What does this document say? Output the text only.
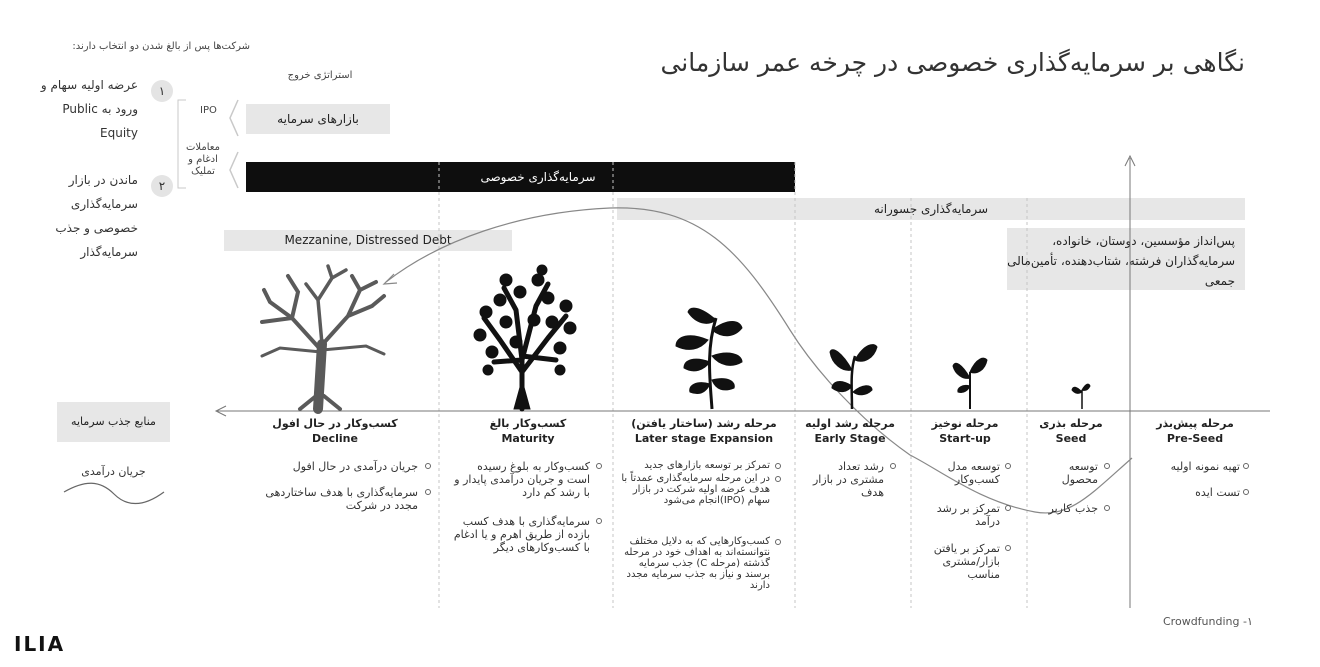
نگاهی بر سرمایه‌گذاری خصوصی در چرخه عمر سازمانی
شرکت‌ها پس از بالغ شدن دو انتخاب دارند:
استراتژی خروج
IPO
معاملات ادغام و تملیک
بازارهای سرمایه
۱
عرضه اولیه سهام و ورود به Public Equity
۲
ماندن در بازار سرمایه‌گذاری خصوصی و جذب سرمایه‌گذار
سرمایه‌گذاری خصوصی
سرمایه‌گذاری جسورانه
Mezzanine, Distressed Debt	پس‌انداز مؤسسین، دوستان، خانواده، سرمایه‌گذاران فرشته، شتاب‌دهنده، تأمین‌مالی جمعی
منابع جذب سرمایه
جریان درآمدی
مرحله پیش‌بذر
Pre-Seed
مرحله بذری
Seed
مرحله نوخیز
Start-up
مرحله رشد اولیه
Early Stage
مرحله رشد (ساختار یافتن)
Later stage Expansion
کسب‌وکار بالغ
Maturity
کسب‌وکار در حال افول
Decline
تهیه نمونه اولیه
تست ایده
توسعه محصول
جذب کاربر
توسعه مدل کسب‌وکار
تمرکز بر رشد درآمد
تمرکز بر یافتن بازار/مشتری مناسب
رشد تعداد مشتری در بازار هدف
تمرکز بر توسعه بازارهای جدید
در این مرحله سرمایه‌گذاری عمدتاً با هدف عرضه اولیه شرکت در بازار سهام (IPO)انجام می‌شود
کسب‌وکارهایی که به دلایل مختلف نتوانسته‌اند به اهداف خود در مرحله گذشته (مرحله C) جذب سرمایه برسند و نیاز به جذب سرمایه مجدد دارند
کسب‌وکار به بلوغ رسیده است و جریان درآمدی پایدار و با رشد کم دارد
سرمایه‌گذاری با هدف کسب بازده از طریق اهرم و یا ادغام با کسب‌وکارهای دیگر
جریان درآمدی در حال افول
سرمایه‌گذاری با هدف ساختاردهی مجدد در شرکت
Crowdfunding -۱
ILIA
